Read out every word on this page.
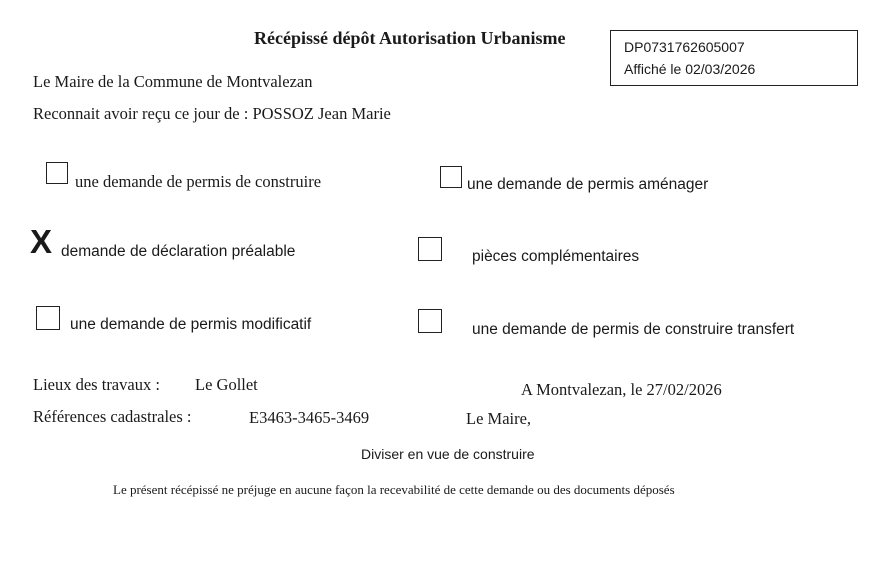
Récépissé dépôt Autorisation Urbanisme	DP0731762605007
Affiché le 02/03/2026
Le Maire de la Commune de Montvalezan
Reconnait avoir reçu ce jour de : POSSOZ Jean Marie
une demande de permis de construire	une demande de permis aménager
X demande de déclaration préalable	pièces complémentaires
une demande de permis modificatif	une demande de permis de construire transfert
Lieux des travaux : Le Gollet	A Montvalezan, le 27/02/2026
Références cadastrales :	E3463-3465-3469	Le Maire,
Diviser en vue de construire
Le présent récépissé ne préjuge en aucune façon la recevabilité de cette demande ou des documents déposés
